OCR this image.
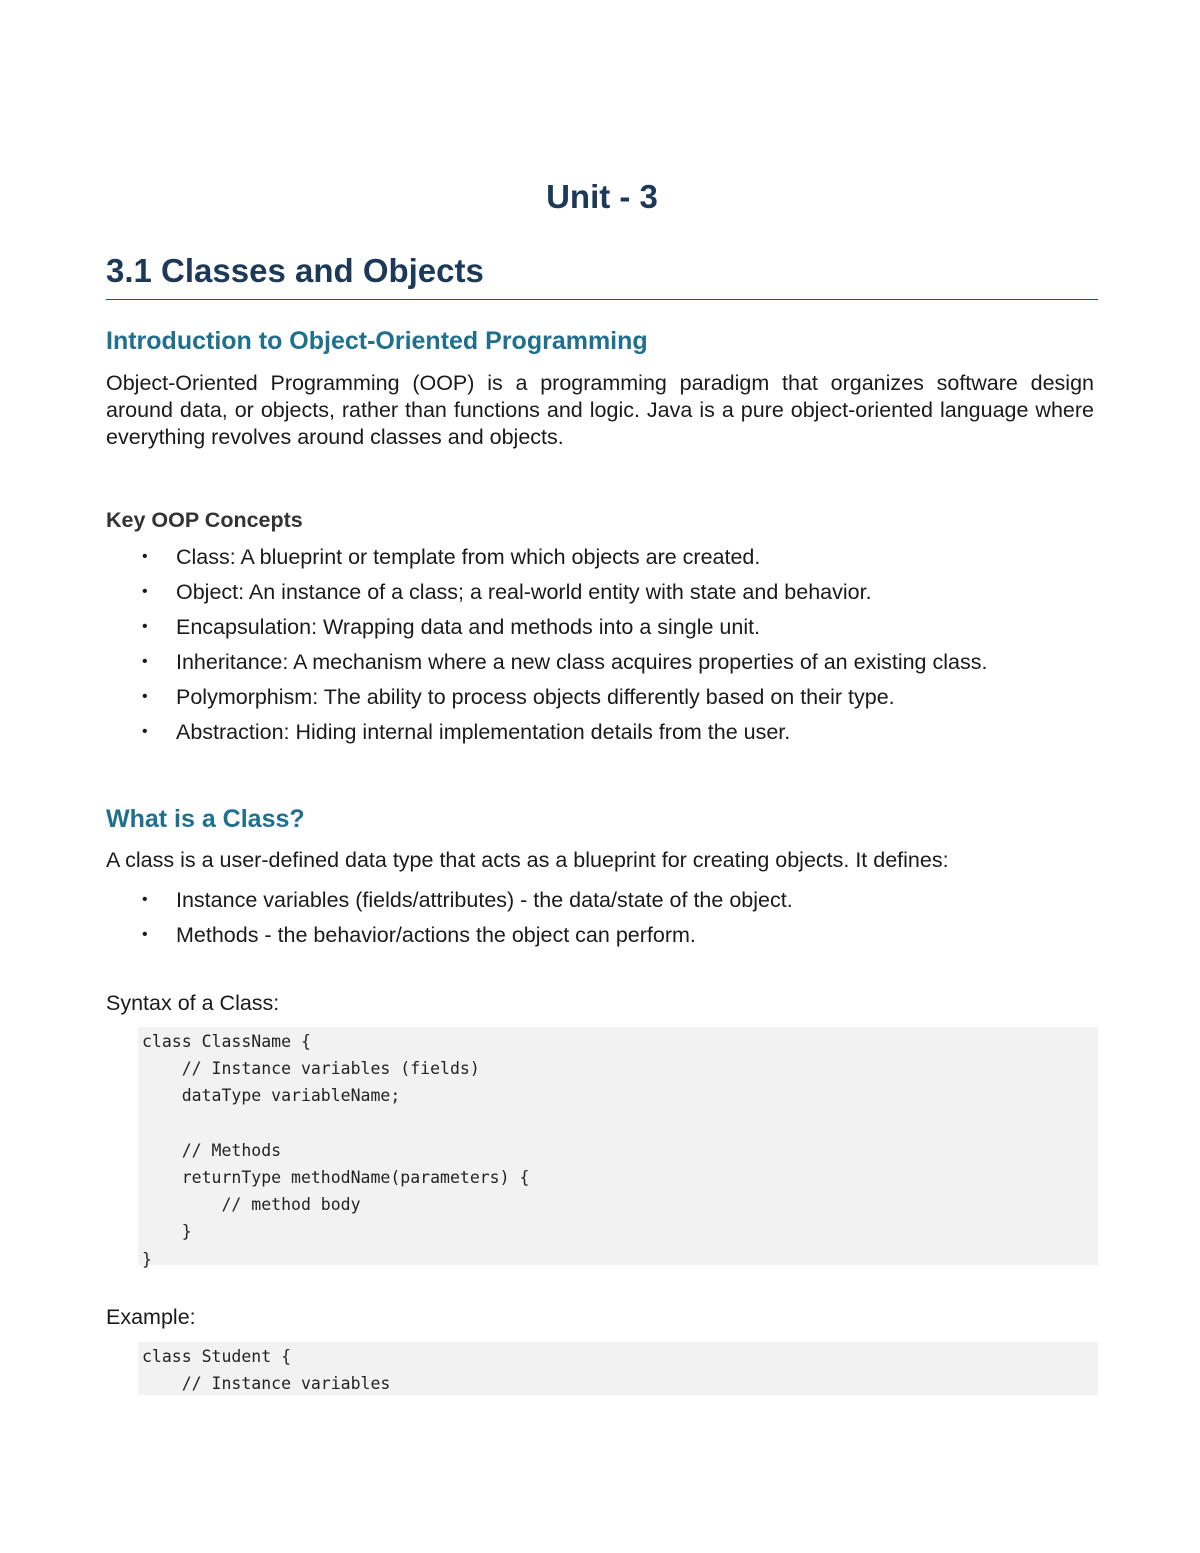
Unit - 3
3.1 Classes and Objects
Introduction to Object-Oriented Programming

Object-Oriented Programming (OOP) is a programming paradigm that organizes software design around data, or objects, rather than functions and logic. Java is a pure object-oriented language where everything revolves around classes and objects.

Key OOP Concepts
• Class: A blueprint or template from which objects are created.
• Object: An instance of a class; a real-world entity with state and behavior.
• Encapsulation: Wrapping data and methods into a single unit.
• Inheritance: A mechanism where a new class acquires properties of an existing class.
• Polymorphism: The ability to process objects differently based on their type.
• Abstraction: Hiding internal implementation details from the user.
What is a Class?

A class is a user-defined data type that acts as a blueprint for creating objects. It defines:

• Instance variables (fields/attributes) - the data/state of the object.
• Methods - the behavior/actions the object can perform.

Syntax of a Class:

class ClassName {
// Instance variables (fields)
dataType variableName;
// Methods
returnType methodName(parameters) {
// method body
}
}

Example:

class Student {
// Instance variables
